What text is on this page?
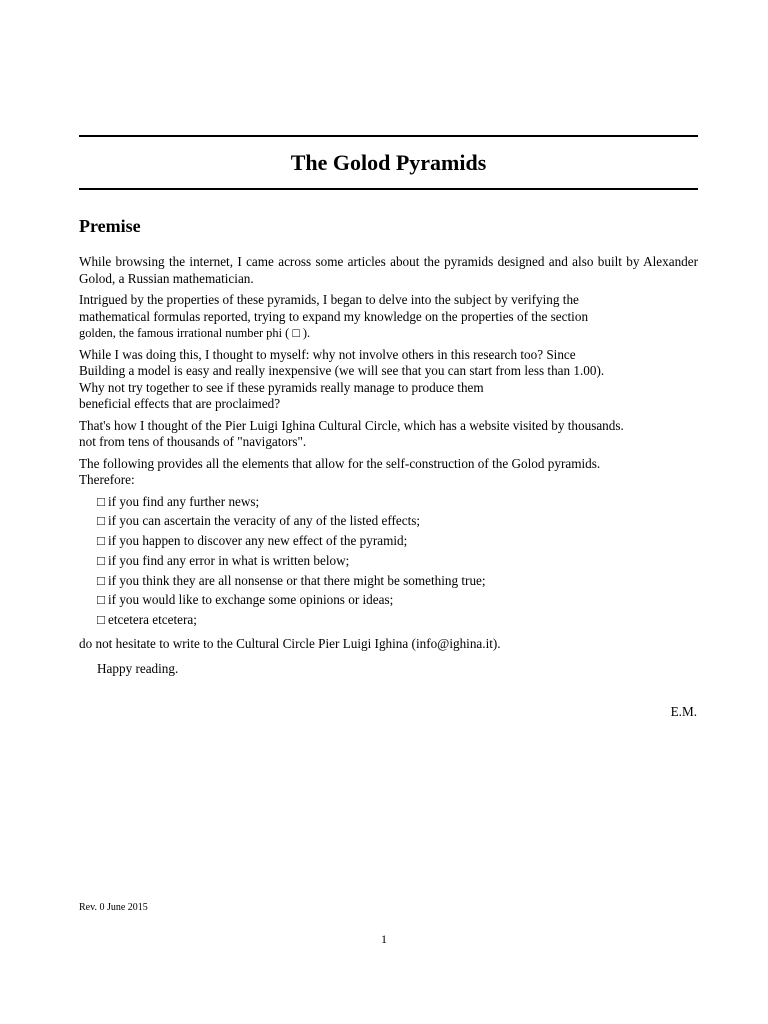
The Golod Pyramids
Premise

While browsing the internet, I came across some articles about the pyramids designed and also built by Alexander Golod, a Russian mathematician.

Intrigued by the properties of these pyramids, I began to delve into the subject by verifying the
mathematical formulas reported, trying to expand my knowledge on the properties of the section
golden, the famous irrational number phi ( □ ).

While I was doing this, I thought to myself: why not involve others in this research too? Since
Building a model is easy and really inexpensive (we will see that you can start from less than 1.00).
Why not try together to see if these pyramids really manage to produce them
beneficial effects that are proclaimed?

That's how I thought of the Pier Luigi Ighina Cultural Circle, which has a website visited by thousands.
not from tens of thousands of "navigators".

The following provides all the elements that allow for the self-construction of the Golod pyramids.
Therefore:

□ if you find any further news;
□ if you can ascertain the veracity of any of the listed effects;
□ if you happen to discover any new effect of the pyramid;
□ if you find any error in what is written below;
□ if you think they are all nonsense or that there might be something true;
□ if you would like to exchange some opinions or ideas;
□ etcetera etcetera;

do not hesitate to write to the Cultural Circle Pier Luigi Ighina (info@ighina.it).

Happy reading.

E.M.
Rev. 0 June 2015
1
